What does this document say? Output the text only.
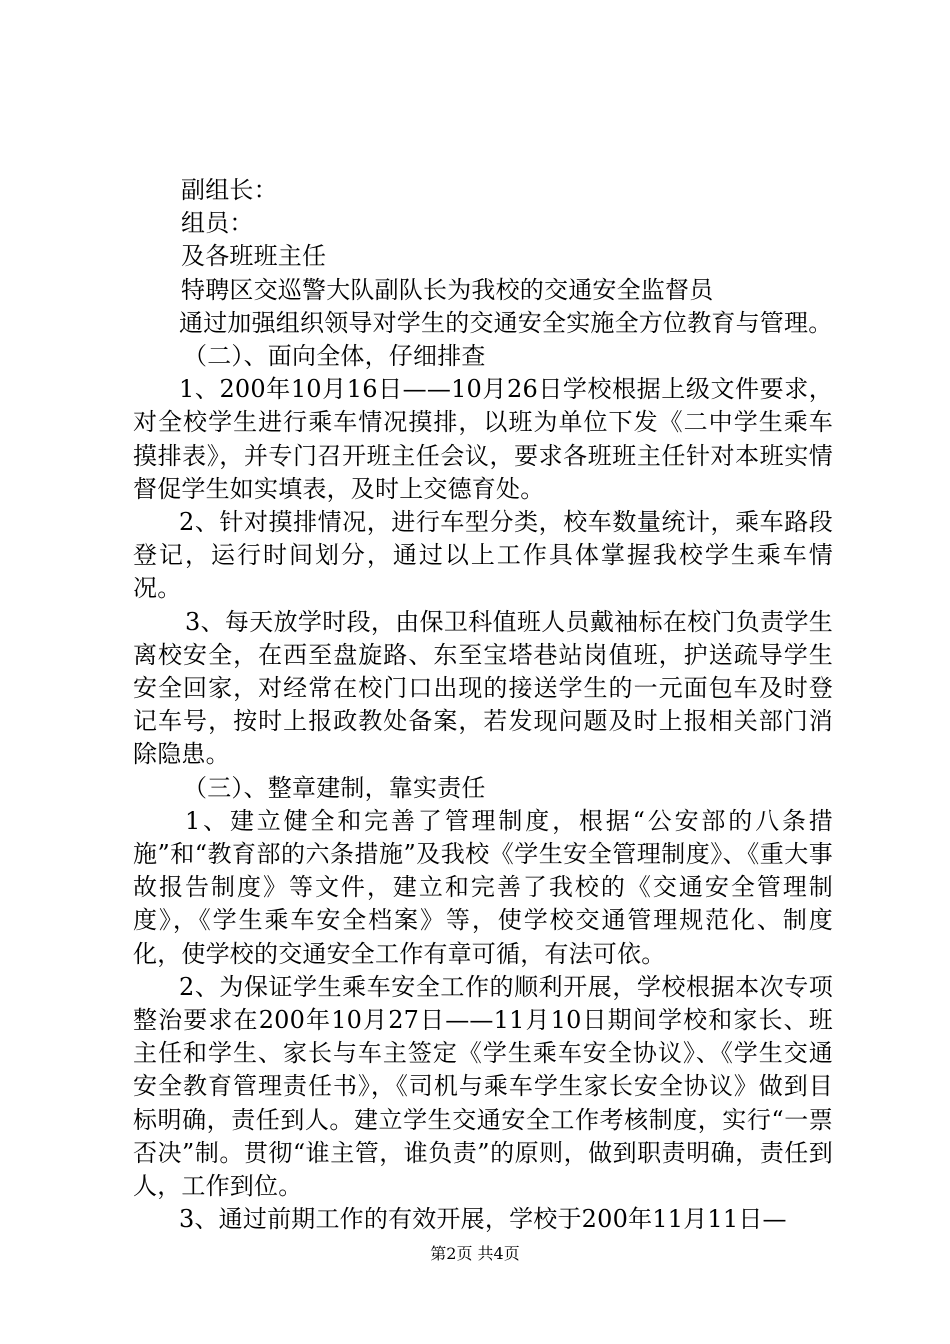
副组长：

组员：

及各班班主任

特聘区交巡警大队副队长为我校的交通安全监督员

通过加强组织领导对学生的交通安全实施全方位教育与管理。

（二）、面向全体，仔细排查

1、200年10月16日——10月26日学校根据上级文件要求，对全校学生进行乘车情况摸排，以班为单位下发《二中学生乘车摸排表》，并专门召开班主任会议，要求各班班主任针对本班实情督促学生如实填表，及时上交德育处。

2、针对摸排情况，进行车型分类，校车数量统计，乘车路段登记，运行时间划分，通过以上工作具体掌握我校学生乘车情况。

3、每天放学时段，由保卫科值班人员戴袖标在校门负责学生离校安全，在西至盘旋路、东至宝塔巷站岗值班，护送疏导学生安全回家，对经常在校门口出现的接送学生的一元面包车及时登记车号，按时上报政教处备案，若发现问题及时上报相关部门消除隐患。

（三）、整章建制，靠实责任

1、建立健全和完善了管理制度，根据“公安部的八条措施”和“教育部的六条措施”及我校《学生安全管理制度》、《重大事故报告制度》等文件，建立和完善了我校的《交通安全管理制度》，《学生乘车安全档案》等，使学校交通管理规范化、制度化，使学校的交通安全工作有章可循，有法可依。

2、为保证学生乘车安全工作的顺利开展，学校根据本次专项整治要求在200年10月27日——11月10日期间学校和家长、班主任和学生、家长与车主签定《学生乘车安全协议》、《学生交通安全教育管理责任书》，《司机与乘车学生家长安全协议》做到目标明确，责任到人。建立学生交通安全工作考核制度，实行“一票否决”制。贯彻“谁主管，谁负责”的原则，做到职责明确，责任到人，工作到位。

3、通过前期工作的有效开展，学校于200年11月11日—

第2页 共4页
